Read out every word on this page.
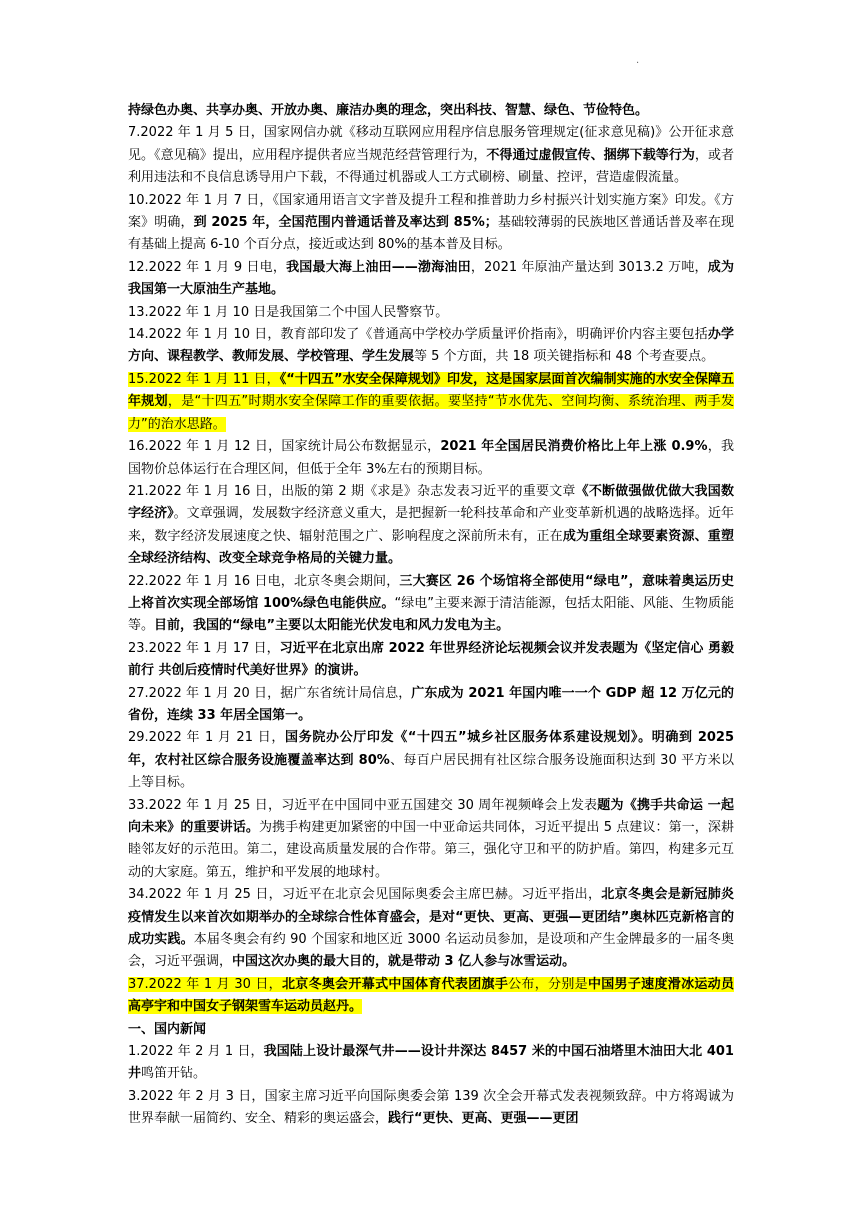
·

持绿色办奥、共享办奥、开放办奥、廉洁办奥的理念，突出科技、智慧、绿色、节俭特色。

7.2022 年 1 月 5 日，国家网信办就《移动互联网应用程序信息服务管理规定(征求意见稿)》公开征求意见。《意见稿》提出，应用程序提供者应当规范经营管理行为，不得通过虚假宣传、捆绑下载等行为，或者利用违法和不良信息诱导用户下载，不得通过机器或人工方式刷榜、刷量、控评，营造虚假流量。

10.2022 年 1 月 7 日，《国家通用语言文字普及提升工程和推普助力乡村振兴计划实施方案》印发。《方案》明确，到 2025 年，全国范围内普通话普及率达到 85%；基础较薄弱的民族地区普通话普及率在现有基础上提高 6-10 个百分点，接近或达到 80%的基本普及目标。

12.2022 年 1 月 9 日电，我国最大海上油田——渤海油田，2021 年原油产量达到 3013.2 万吨，成为我国第一大原油生产基地。

13.2022 年 1 月 10 日是我国第二个中国人民警察节。

14.2022 年 1 月 10 日，教育部印发了《普通高中学校办学质量评价指南》，明确评价内容主要包括办学方向、课程教学、教师发展、学校管理、学生发展等 5 个方面，共 18 项关键指标和 48 个考查要点。

15.2022 年 1 月 11 日，《“十四五”水安全保障规划》印发，这是国家层面首次编制实施的水安全保障五年规划，是“十四五”时期水安全保障工作的重要依据。要坚持“节水优先、空间均衡、系统治理、两手发力”的治水思路。

16.2022 年 1 月 12 日，国家统计局公布数据显示，2021 年全国居民消费价格比上年上涨 0.9%，我国物价总体运行在合理区间，但低于全年 3%左右的预期目标。

21.2022 年 1 月 16 日，出版的第 2 期《求是》杂志发表习近平的重要文章《不断做强做优做大我国数字经济》。文章强调，发展数字经济意义重大，是把握新一轮科技革命和产业变革新机遇的战略选择。近年来，数字经济发展速度之快、辐射范围之广、影响程度之深前所未有，正在成为重组全球要素资源、重塑全球经济结构、改变全球竞争格局的关键力量。

22.2022 年 1 月 16 日电，北京冬奥会期间，三大赛区 26 个场馆将全部使用“绿电”，意味着奥运历史上将首次实现全部场馆 100%绿色电能供应。“绿电”主要来源于清洁能源，包括太阳能、风能、生物质能等。目前，我国的“绿电”主要以太阳能光伏发电和风力发电为主。

23.2022 年 1 月 17 日，习近平在北京出席 2022 年世界经济论坛视频会议并发表题为《坚定信心 勇毅前行 共创后疫情时代美好世界》的演讲。

27.2022 年 1 月 20 日，据广东省统计局信息，广东成为 2021 年国内唯一一个 GDP 超 12 万亿元的省份，连续 33 年居全国第一。

29.2022 年 1 月 21 日，国务院办公厅印发《“十四五”城乡社区服务体系建设规划》。明确到 2025 年，农村社区综合服务设施覆盖率达到 80%、每百户居民拥有社区综合服务设施面积达到 30 平方米以上等目标。

33.2022 年 1 月 25 日，习近平在中国同中亚五国建交 30 周年视频峰会上发表题为《携手共命运 一起向未来》的重要讲话。为携手构建更加紧密的中国一中亚命运共同体，习近平提出 5 点建议：第一，深耕睦邻友好的示范田。第二，建设高质量发展的合作带。第三，强化守卫和平的防护盾。第四，构建多元互动的大家庭。第五，维护和平发展的地球村。

34.2022 年 1 月 25 日，习近平在北京会见国际奥委会主席巴赫。习近平指出，北京冬奥会是新冠肺炎疫情发生以来首次如期举办的全球综合性体育盛会，是对“更快、更高、更强—更团结”奥林匹克新格言的成功实践。本届冬奥会有约 90 个国家和地区近 3000 名运动员参加，是设项和产生金牌最多的一届冬奥会，习近平强调，中国这次办奥的最大目的，就是带动 3 亿人参与冰雪运动。

37.2022 年 1 月 30 日，北京冬奥会开幕式中国体育代表团旗手公布，分别是中国男子速度滑冰运动员高亭宇和中国女子钢架雪车运动员赵丹。

一、国内新闻

1.2022 年 2 月 1 日，我国陆上设计最深气井——设计井深达 8457 米的中国石油塔里木油田大北 401 井鸣笛开钻。

3.2022 年 2 月 3 日，国家主席习近平向国际奥委会第 139 次全会开幕式发表视频致辞。中方将竭诚为世界奉献一届简约、安全、精彩的奥运盛会，践行“更快、更高、更强——更团
